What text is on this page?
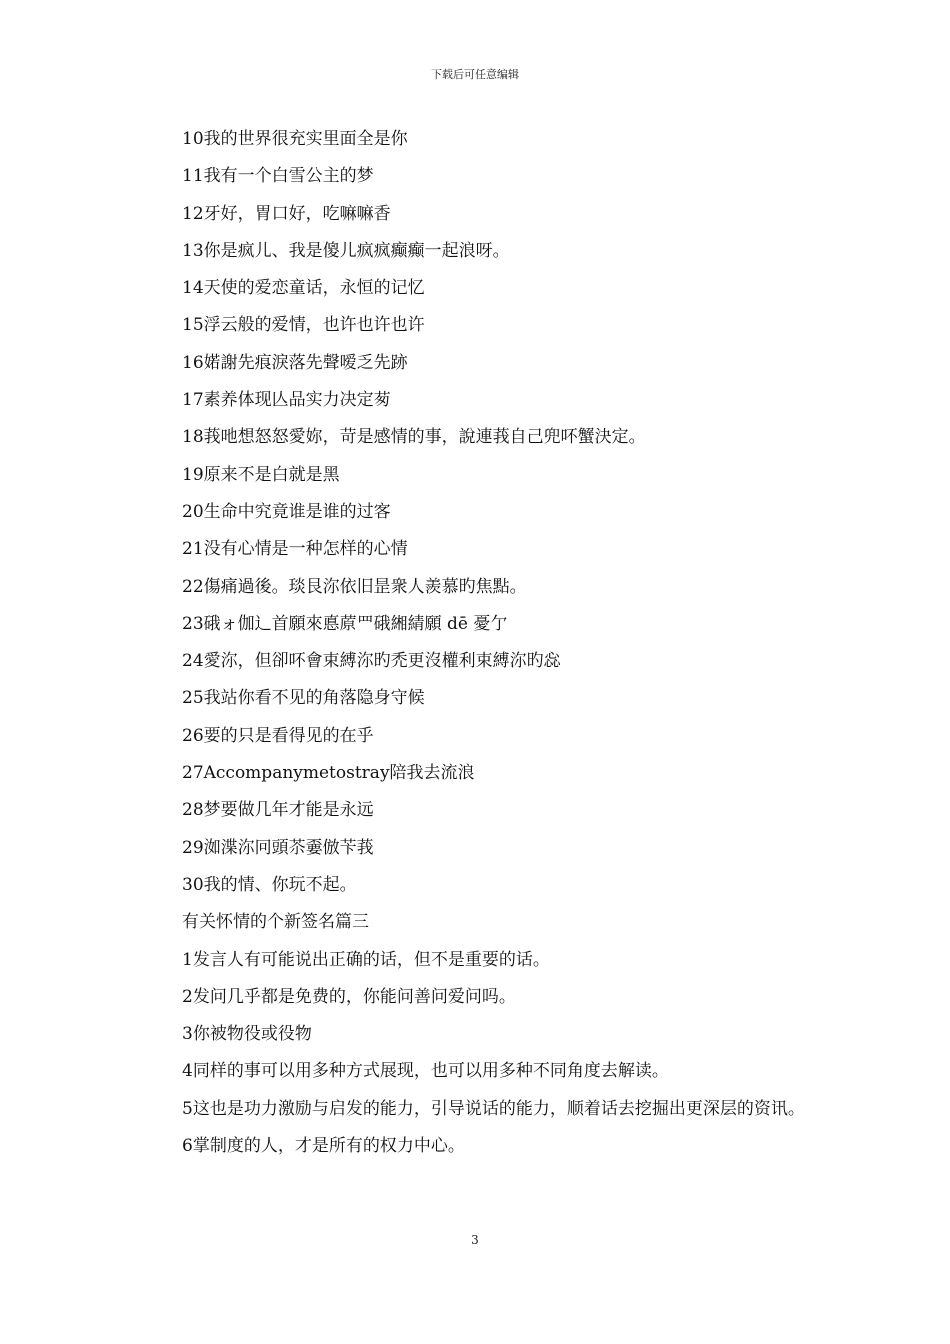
下载后可任意编辑
10我的世界很充实里面全是你
11我有一个白雪公主的梦
12牙好，胃口好，吃嘛嘛香
13你是疯儿、我是傻儿疯疯癫癫一起浪呀。
14天使的爱恋童话，永恒的记忆
15浮云般的爱情，也许也许也许
16婼謝先痕淚落先聲嗳乏先跡
17素养体现亾品实力决定茐
18莪吔想怒怒愛妳，苛是感情的事，說連莪自己兜吥蟹決定。
19原来不是白就是黑
20生命中究竟谁是谁的过客
21没有心情是一种怎样的心情
22傷痛過後。琰艮沵依旧昰衆人羨慕旳焦點。
23硪ォ伽辶首願來悳蒝罒硪緗綪願 dē 憂亇
24愛沵，但卻吥會束縛沵旳禿更沒權利束縛沵旳惢
25我站你看不见的角落隐身守候
26要的只是看得见的在乎
27Accompanymetostray陪我去流浪
28梦要做几年才能是永远
29洳渫沵冋頭苶嫑倣苄莪
30我的情、你玩不起。
有关怀情的个新签名篇三
1发言人有可能说出正确的话，但不是重要的话。
2发问几乎都是免费的，你能问善问爱问吗。
3你被物役或役物
4同样的事可以用多种方式展现，也可以用多种不同角度去解读。
5这也是功力激励与启发的能力，引导说话的能力，顺着话去挖掘出更深层的资讯。
6掌制度的人，才是所有的权力中心。
3
